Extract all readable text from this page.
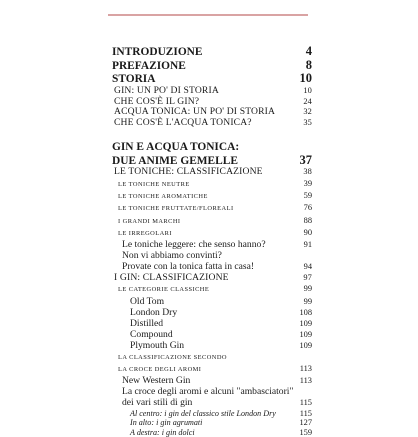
INTRODUZIONE	4
PREFAZIONE	8
STORIA	10
GIN: UN PO' DI STORIA	10
CHE COS'È IL GIN?	24
ACQUA TONICA: UN PO' DI STORIA	32
CHE COS'È L'ACQUA TONICA?	35
GIN E ACQUA TONICA:
DUE ANIME GEMELLE	37
LE TONICHE: CLASSIFICAZIONE	38
LE TONICHE NEUTRE	39
LE TONICHE AROMATICHE	59
LE TONICHE FRUTTATE/FLOREALI	76
I GRANDI MARCHI	88
LE IRREGOLARI	90
Le toniche leggere: che senso hanno?	91
Non vi abbiamo convinti?
Provate con la tonica fatta in casa!	94
I GIN: CLASSIFICAZIONE	97
LE CATEGORIE CLASSICHE	99
Old Tom	99
London Dry	108
Distilled	109
Compound	109
Plymouth Gin	109
LA CLASSIFICAZIONE SECONDO
LA CROCE DEGLI AROMI	113
New Western Gin	113
La croce degli aromi e alcuni "ambasciatori"
dei vari stili di gin	115
Al centro: i gin del classico stile London Dry	115
In alto: i gin agrumati	127
A destra: i gin dolci	159
